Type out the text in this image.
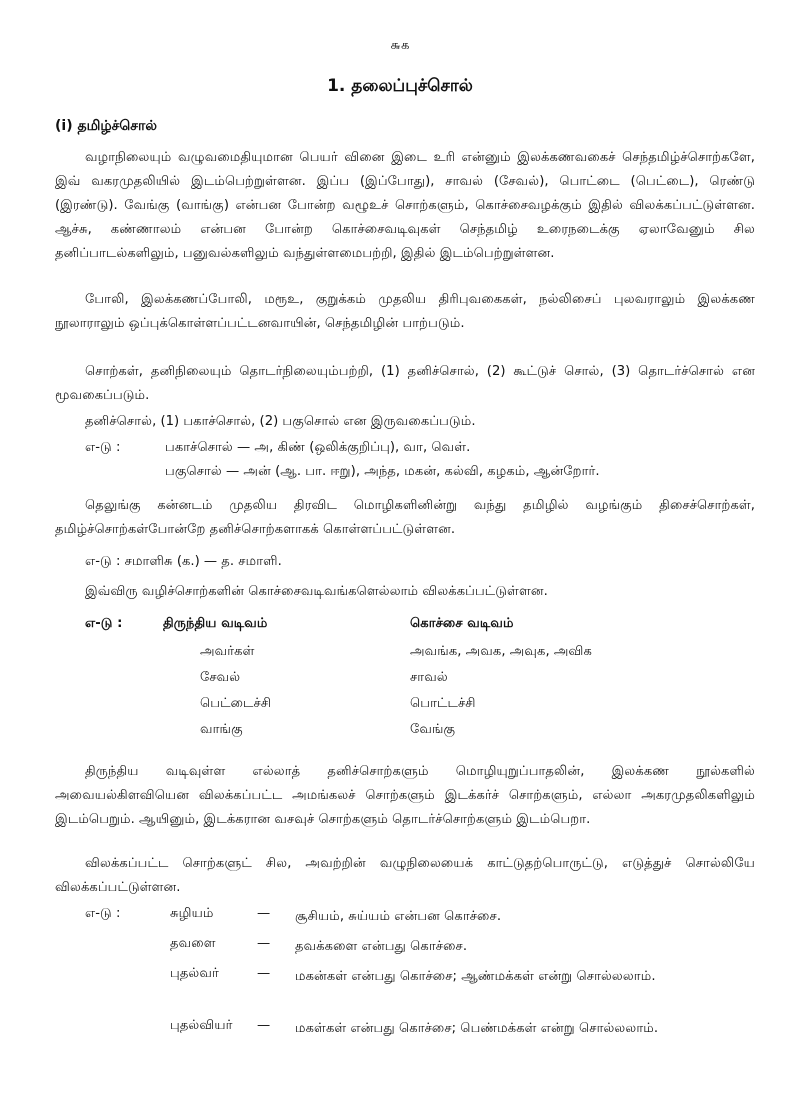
௬௧
1. தலைப்புச்சொல்
(i) தமிழ்ச்சொல்
வழாநிலையும் வழுவமைதியுமான பெயர் வினை இடை உரி என்னும் இலக்கணவகைச் செந்தமிழ்ச்சொற்களே, இவ் வகரமுதலியில் இடம்பெற்றுள்ளன. இப்ப (இப்போது), சாவல் (சேவல்), பொட்டை (பெட்டை), ரெண்டு (இரண்டு). வேங்கு (வாங்கு) என்பன போன்ற வழூஉச் சொற்களும், கொச்சைவழக்கும் இதில் விலக்கப்பட்டுள்ளன. ஆச்சு, கண்ணாலம் என்பன போன்ற கொச்சைவடிவுகள் செந்தமிழ் உரைநடைக்கு ஏலாவேனும் சில தனிப்பாடல்களிலும், பனுவல்களிலும் வந்துள்ளமைபற்றி, இதில் இடம்பெற்றுள்ளன.
போலி, இலக்கணப்போலி, மரூஉ, குறுக்கம் முதலிய திரிபுவகைகள், நல்லிசைப் புலவராலும் இலக்கண நூலாராலும் ஒப்புக்கொள்ளப்பட்டனவாயின், செந்தமிழின் பாற்படும்.
சொற்கள், தனிநிலையும் தொடர்நிலையும்பற்றி, (1) தனிச்சொல், (2) கூட்டுச் சொல், (3) தொடர்ச்சொல் என மூவகைப்படும்.
தனிச்சொல், (1) பகாச்சொல், (2) பகுசொல் என இருவகைப்படும்.
எ-டு :	பகாச்சொல் — அ, கிண் (ஒலிக்குறிப்பு), வா, வெள்.
பகுசொல் — அன் (ஆ. பா. ஈறு), அந்த, மகன், கல்வி, கழகம், ஆன்றோர்.
தெலுங்கு கன்னடம் முதலிய திரவிட மொழிகளினின்று வந்து தமிழில் வழங்கும் திசைச்சொற்கள், தமிழ்ச்சொற்கள்போன்றே தனிச்சொற்களாகக் கொள்ளப்பட்டுள்ளன.
எ-டு : சமாளிசு (க.) — த. சமாளி.
இவ்விரு வழிச்சொற்களின் கொச்சைவடிவங்களெல்லாம் விலக்கப்பட்டுள்ளன.
எ-டு :	திருந்திய வடிவம்	கொச்சை வடிவம்
அவர்கள்	அவங்க, அவக, அவுக, அவிக
சேவல்	சாவல்
பெட்டைச்சி	பொட்டச்சி
வாங்கு	வேங்கு
திருந்திய வடிவுள்ள எல்லாத் தனிச்சொற்களும் மொழியுறுப்பாதலின், இலக்கண நூல்களில் அவையல்கிளவியென விலக்கப்பட்ட அமங்கலச் சொற்களும் இடக்கர்ச் சொற்களும், எல்லா அகரமுதலிகளிலும் இடம்பெறும். ஆயினும், இடக்கரான வசவுச் சொற்களும் தொடர்ச்சொற்களும் இடம்பெறா.
விலக்கப்பட்ட சொற்களுட் சில, அவற்றின் வழுநிலையைக் காட்டுதற்பொருட்டு, எடுத்துச் சொல்லியே விலக்கப்பட்டுள்ளன.
எ-டு :	சுழியம்	— சூசியம், சுய்யம் என்பன கொச்சை.
தவளை	— தவக்களை என்பது கொச்சை.
புதல்வர்	— மகன்கள் என்பது கொச்சை; ஆண்மக்கள் என்று சொல்லலாம்.
புதல்வியர் — மகள்கள் என்பது கொச்சை; பெண்மக்கள் என்று சொல்லலாம்.
